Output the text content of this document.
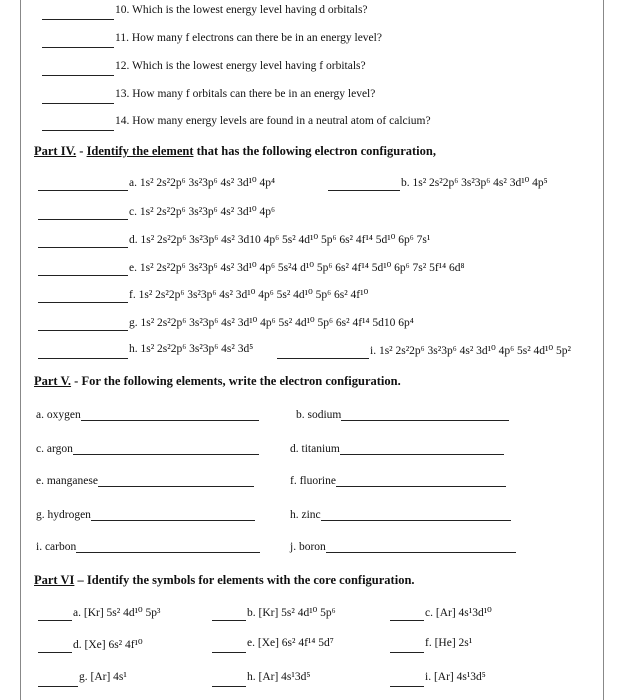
10. Which is the lowest energy level having d orbitals?
11. How many f electrons can there be in an energy level?
12. Which is the lowest energy level having f orbitals?
13. How many f orbitals can there be in an energy level?
14. How many energy levels are found in a neutral atom of calcium?
Part IV. - Identify the element that has the following electron configuration,
a. 1s² 2s²2p⁶ 3s²3p⁶ 4s² 3d¹⁰ 4p⁴	b. 1s² 2s²2p⁶ 3s²3p⁶ 4s² 3d¹⁰ 4p⁵
c. 1s² 2s²2p⁶ 3s²3p⁶ 4s² 3d¹⁰ 4p⁶
d. 1s² 2s²2p⁶ 3s²3p⁶ 4s² 3d10 4p⁶ 5s² 4d¹⁰ 5p⁶ 6s² 4f¹⁴ 5d¹⁰ 6p⁶ 7s¹
e. 1s² 2s²2p⁶ 3s²3p⁶ 4s² 3d¹⁰ 4p⁶ 5s²4 d¹⁰ 5p⁶ 6s² 4f¹⁴ 5d¹⁰ 6p⁶ 7s² 5f¹⁴ 6d⁸
f. 1s² 2s²2p⁶ 3s²3p⁶ 4s² 3d¹⁰ 4p⁶ 5s² 4d¹⁰ 5p⁶ 6s² 4f¹⁰
g. 1s² 2s²2p⁶ 3s²3p⁶ 4s² 3d¹⁰ 4p⁶ 5s² 4d¹⁰ 5p⁶ 6s² 4f¹⁴ 5d10 6p⁴
h. 1s² 2s²2p⁶ 3s²3p⁶ 4s² 3d⁵	i. 1s² 2s²2p⁶ 3s²3p⁶ 4s² 3d¹⁰ 4p⁶ 5s² 4d¹⁰ 5p²
Part V. - For the following elements, write the electron configuration.
a. oxygen	b. sodium
c. argon	d. titanium
e. manganese	f. fluorine
g. hydrogen	h. zinc
i. carbon	j. boron
Part VI – Identify the symbols for elements with the core configuration.
a. [Kr] 5s² 4d¹⁰ 5p³	b. [Kr] 5s² 4d¹⁰ 5p⁶	c. [Ar] 4s¹3d¹⁰
d. [Xe] 6s² 4f¹⁰	e. [Xe] 6s² 4f¹⁴ 5d⁷	f. [He] 2s¹
g. [Ar] 4s¹	h. [Ar] 4s¹3d⁵	i. [Ar] 4s¹3d⁵
